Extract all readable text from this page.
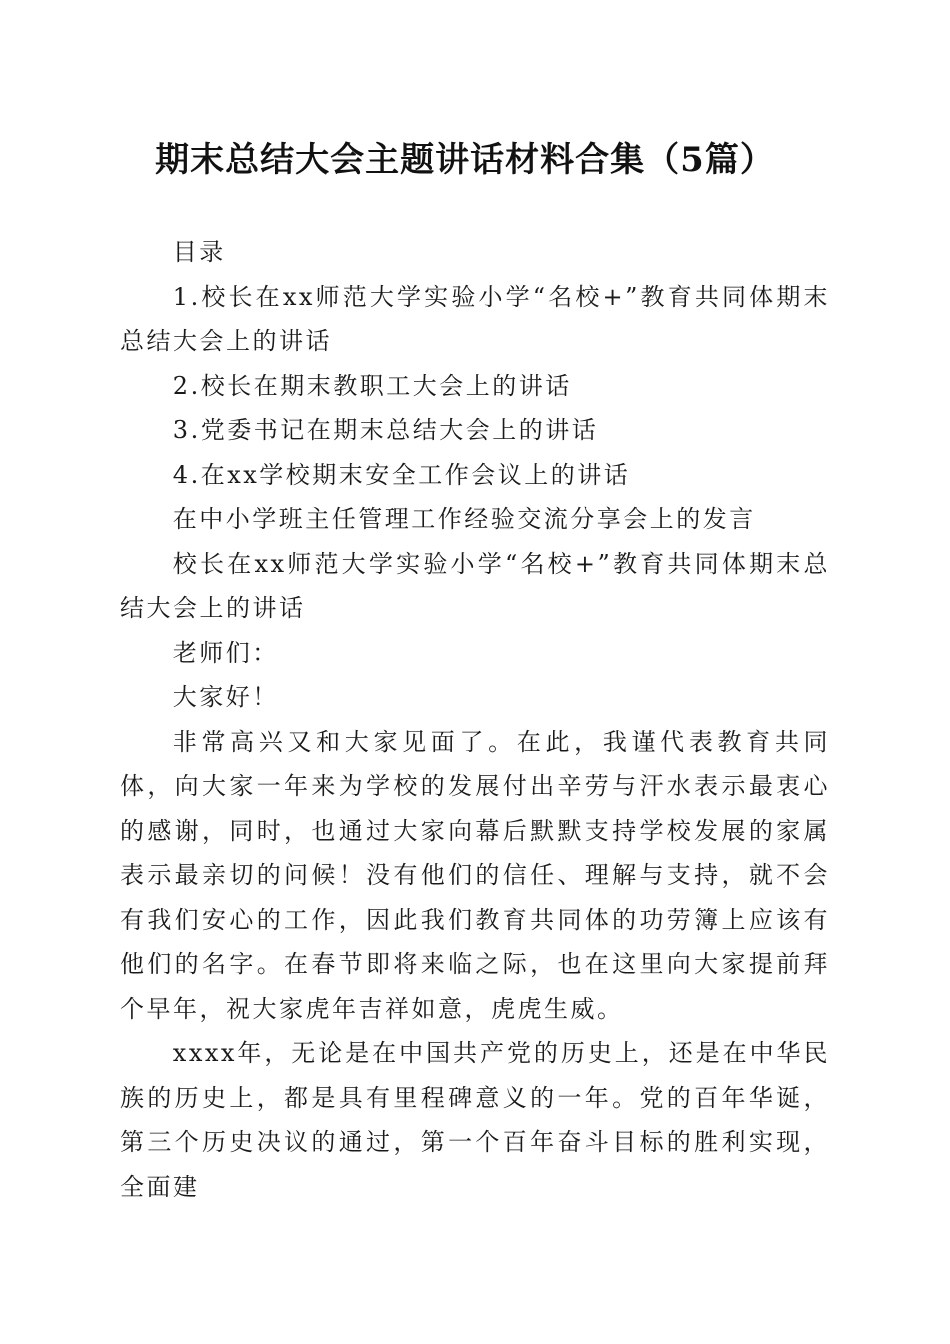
期末总结大会主题讲话材料合集（5篇）

目录

1.校长在xx师范大学实验小学“名校+”教育共同体期末总结大会上的讲话

2.校长在期末教职工大会上的讲话

3.党委书记在期末总结大会上的讲话

4.在xx学校期末安全工作会议上的讲话

在中小学班主任管理工作经验交流分享会上的发言

校长在xx师范大学实验小学“名校+”教育共同体期末总结大会上的讲话

老师们：

大家好！

非常高兴又和大家见面了。在此，我谨代表教育共同体，向大家一年来为学校的发展付出辛劳与汗水表示最衷心的感谢，同时，也通过大家向幕后默默支持学校发展的家属表示最亲切的问候！没有他们的信任、理解与支持，就不会有我们安心的工作，因此我们教育共同体的功劳簿上应该有他们的名字。在春节即将来临之际，也在这里向大家提前拜个早年，祝大家虎年吉祥如意，虎虎生威。

xxxx年，无论是在中国共产党的历史上，还是在中华民族的历史上，都是具有里程碑意义的一年。党的百年华诞，第三个历史决议的通过，第一个百年奋斗目标的胜利实现，全面建
